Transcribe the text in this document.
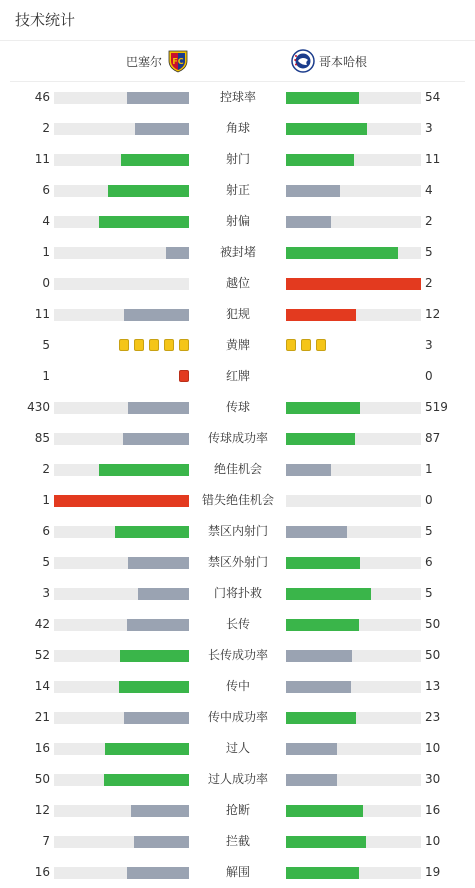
技术统计
巴塞尔 FC	哥本哈根
46	控球率	54
2	角球	3
11	射门	11
6	射正	4
4	射偏	2
1	被封堵	5
0	越位	2
11	犯规	12
5	黄牌	3
1	红牌	0
430	传球	519
85	传球成功率	87
2	绝佳机会	1
1	错失绝佳机会	0
6	禁区内射门	5
5	禁区外射门	6
3	门将扑救	5
42	长传	50
52	长传成功率	50
14	传中	13
21	传中成功率	23
16	过人	10
50	过人成功率	30
12	抢断	16
7	拦截	10
16	解围	19
